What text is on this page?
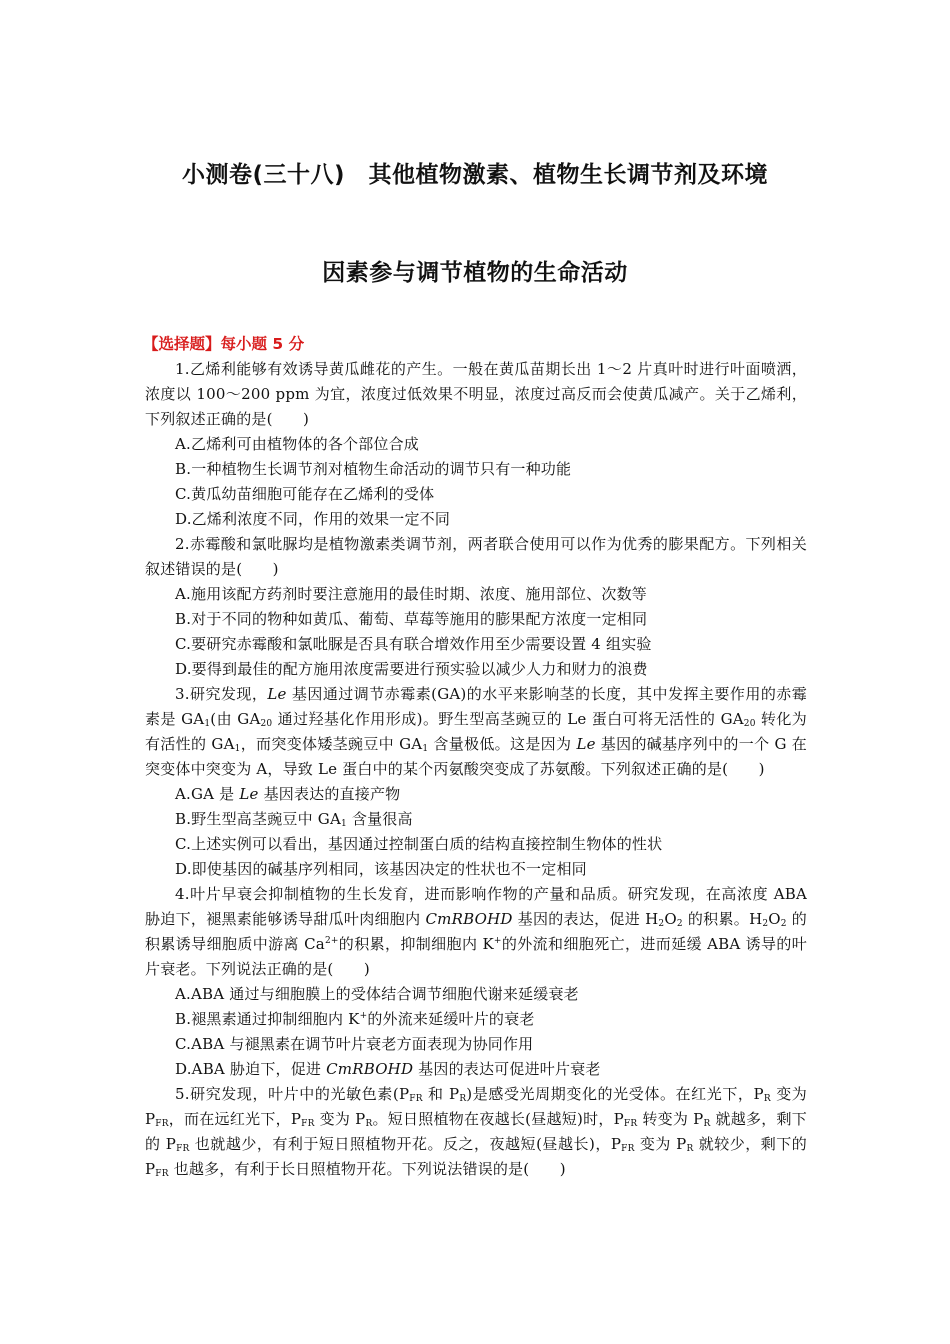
小测卷(三十八)　其他植物激素、植物生长调节剂及环境
因素参与调节植物的生命活动
【选择题】每小题 5 分

1.乙烯利能够有效诱导黄瓜雌花的产生。一般在黄瓜苗期长出 1～2 片真叶时进行叶面喷洒，浓度以 100～200 ppm 为宜，浓度过低效果不明显，浓度过高反而会使黄瓜减产。关于乙烯利，下列叙述正确的是(　　)

A.乙烯利可由植物体的各个部位合成

B.一种植物生长调节剂对植物生命活动的调节只有一种功能

C.黄瓜幼苗细胞可能存在乙烯利的受体

D.乙烯利浓度不同，作用的效果一定不同

2.赤霉酸和氯吡脲均是植物激素类调节剂，两者联合使用可以作为优秀的膨果配方。下列相关叙述错误的是(　　)

A.施用该配方药剂时要注意施用的最佳时期、浓度、施用部位、次数等

B.对于不同的物种如黄瓜、葡萄、草莓等施用的膨果配方浓度一定相同

C.要研究赤霉酸和氯吡脲是否具有联合增效作用至少需要设置 4 组实验

D.要得到最佳的配方施用浓度需要进行预实验以减少人力和财力的浪费

3.研究发现，Le 基因通过调节赤霉素(GA)的水平来影响茎的长度，其中发挥主要作用的赤霉素是 $GA_1$(由 $GA_{20}$ 通过羟基化作用形成)。野生型高茎豌豆的 Le 蛋白可将无活性的 $GA_{20}$ 转化为有活性的 $GA_1$，而突变体矮茎豌豆中 $GA_1$ 含量极低。这是因为 Le 基因的碱基序列中的一个 G 在突变体中突变为 A，导致 Le 蛋白中的某个丙氨酸突变成了苏氨酸。下列叙述正确的是(　　)

A.GA 是 Le 基因表达的直接产物

B.野生型高茎豌豆中 $GA_1$ 含量很高

C.上述实例可以看出，基因通过控制蛋白质的结构直接控制生物体的性状

D.即使基因的碱基序列相同，该基因决定的性状也不一定相同

4.叶片早衰会抑制植物的生长发育，进而影响作物的产量和品质。研究发现，在高浓度 ABA 胁迫下，褪黑素能够诱导甜瓜叶肉细胞内 CmRBOHD 基因的表达，促进 $H_2O_2$ 的积累。$H_2O_2$ 的积累诱导细胞质中游离 $Ca^{2+}$的积累，抑制细胞内 K+的外流和细胞死亡，进而延缓 ABA 诱导的叶片衰老。下列说法正确的是(　　)

A.ABA 通过与细胞膜上的受体结合调节细胞代谢来延缓衰老

B.褪黑素通过抑制细胞内 K+的外流来延缓叶片的衰老

C.ABA 与褪黑素在调节叶片衰老方面表现为协同作用

D.ABA 胁迫下，促进 CmRBOHD 基因的表达可促进叶片衰老

5.研究发现，叶片中的光敏色素($P_{FR}$ 和 $P_R$)是感受光周期变化的光受体。在红光下，$P_R$ 变为 $P_{FR}$，而在远红光下，$P_{FR}$ 变为 $P_R$。短日照植物在夜越长(昼越短)时，$P_{FR}$ 转变为 $P_R$ 就越多，剩下的 $P_{FR}$ 也就越少，有利于短日照植物开花。反之，夜越短(昼越长)，$P_{FR}$ 变为 $P_R$ 就较少，剩下的 $P_{FR}$ 也越多，有利于长日照植物开花。下列说法错误的是(　　)
